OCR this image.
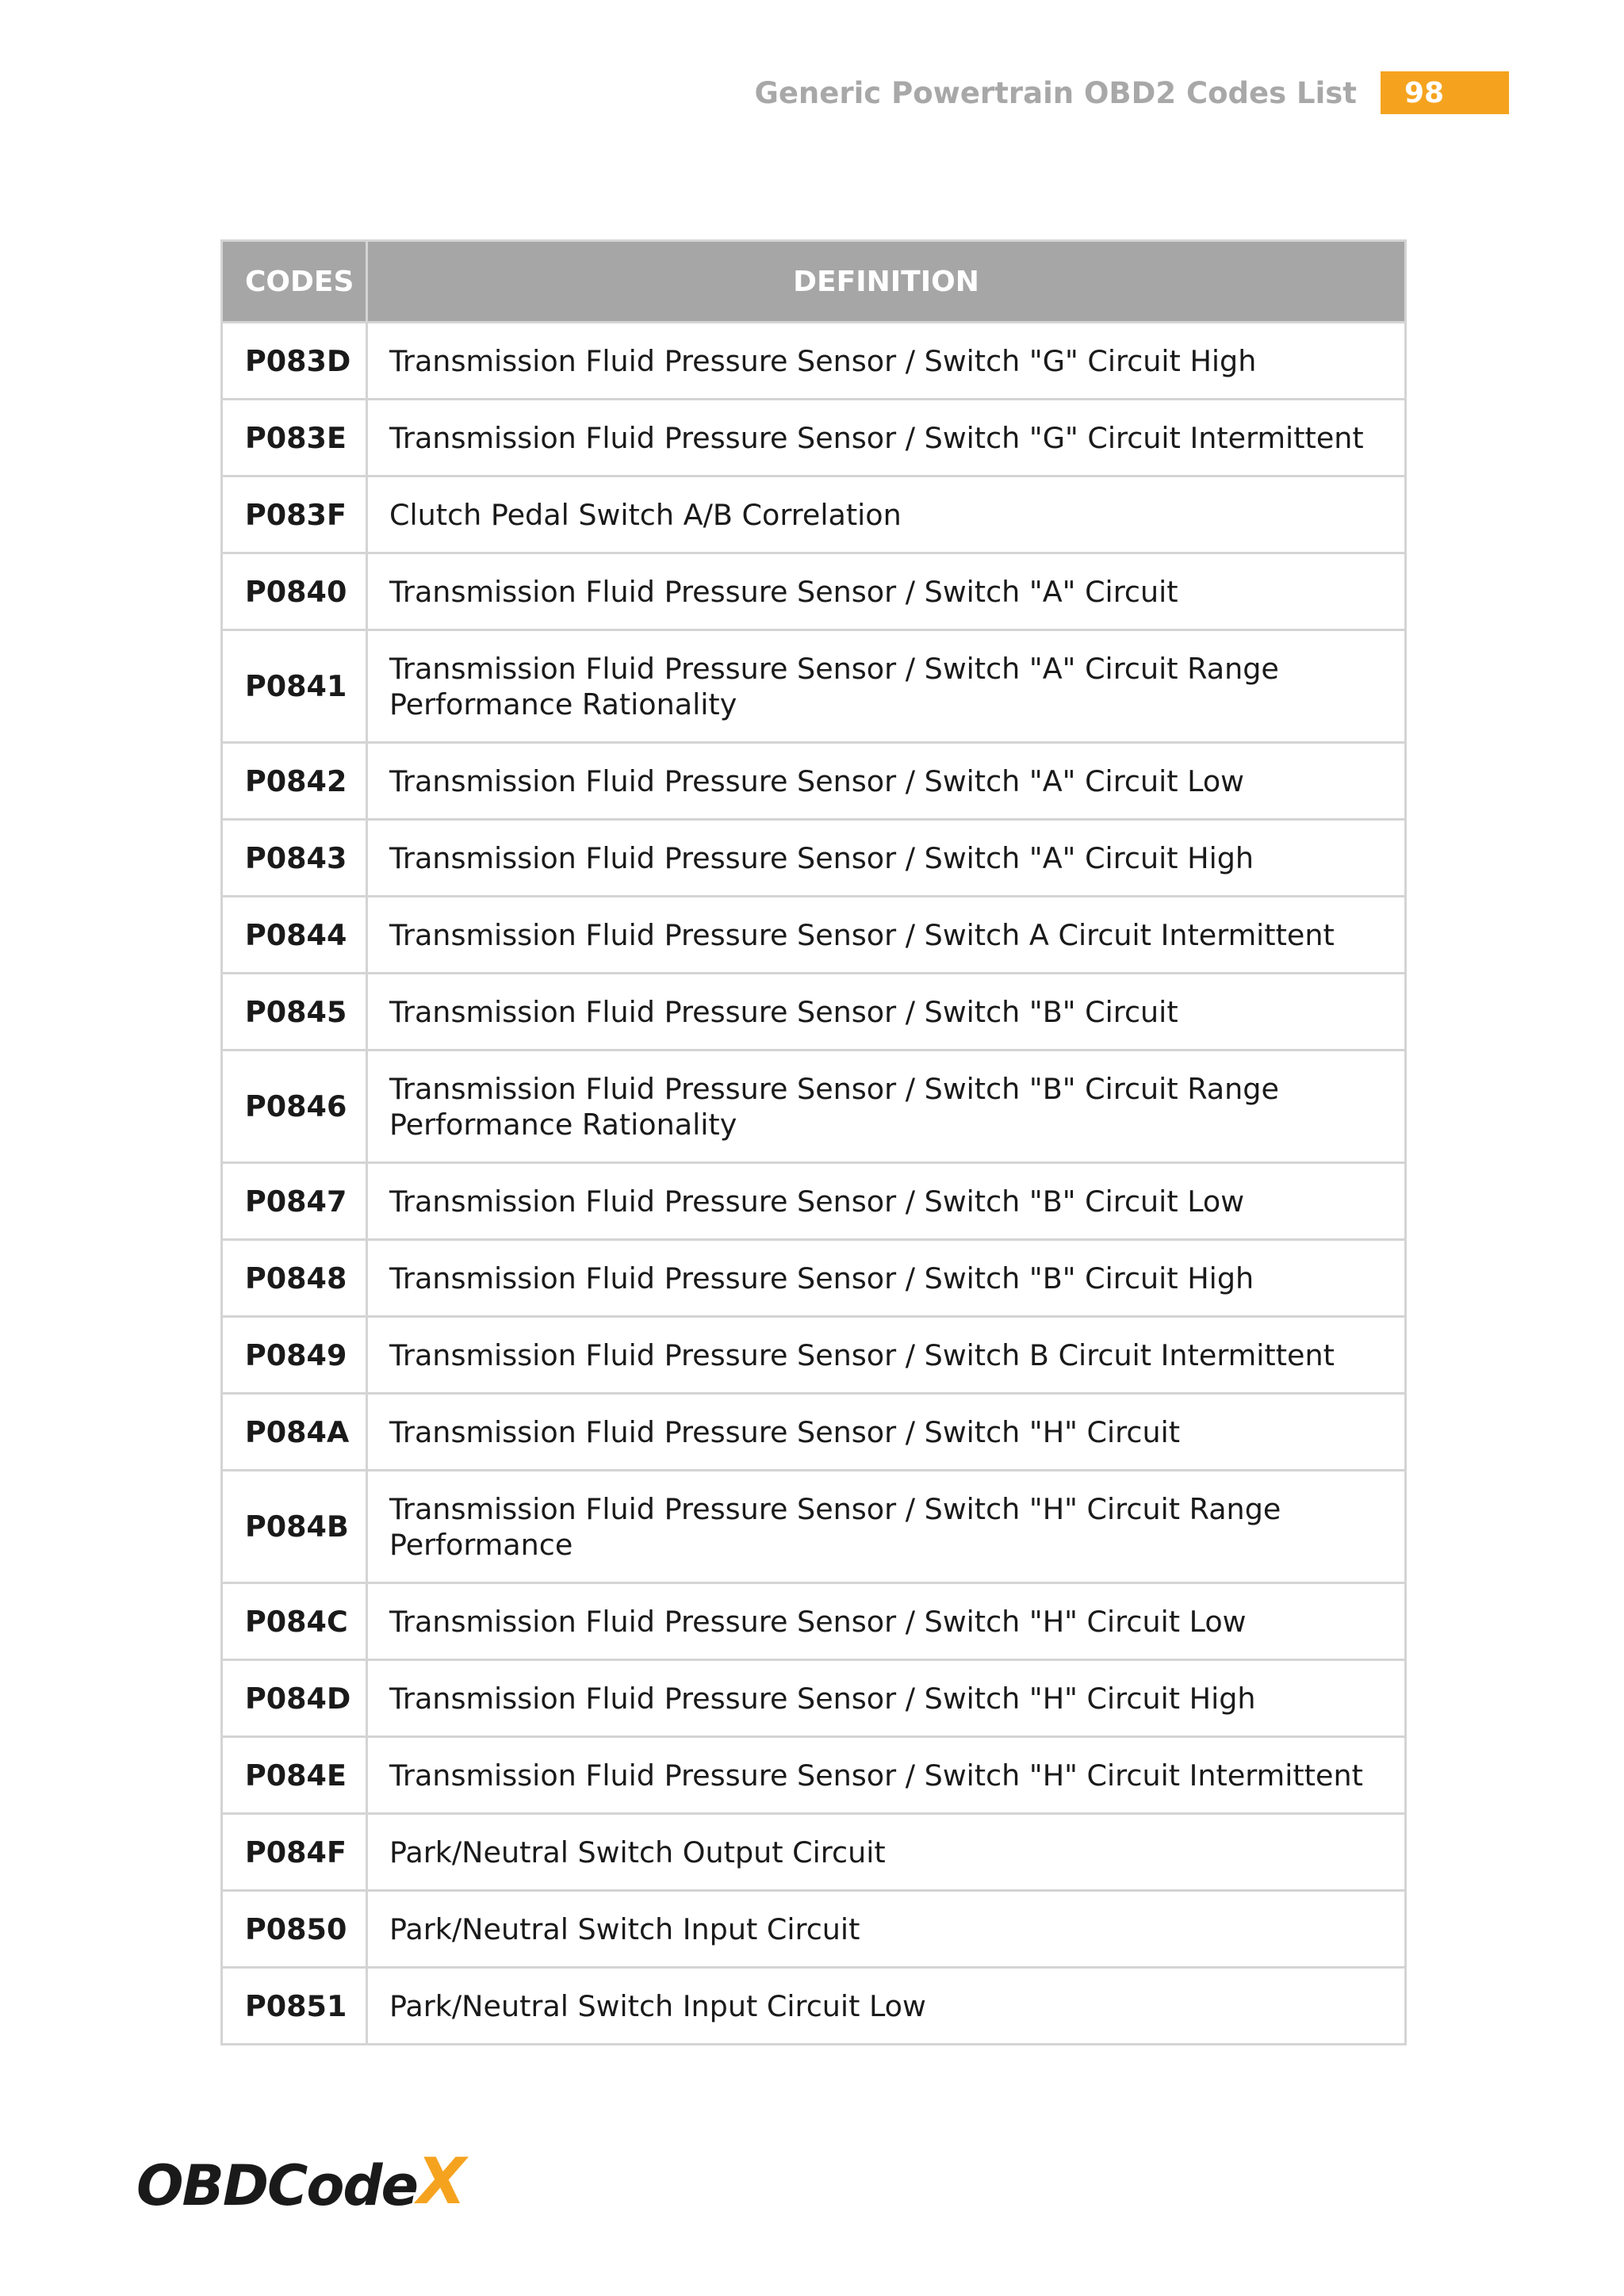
Generic Powertrain OBD2 Codes List	98
CODES	DEFINITION
P083D	Transmission Fluid Pressure Sensor / Switch "G" Circuit High
P083E	Transmission Fluid Pressure Sensor / Switch "G" Circuit Intermittent
P083F	Clutch Pedal Switch A/B Correlation
P0840	Transmission Fluid Pressure Sensor / Switch "A" Circuit
P0841	Transmission Fluid Pressure Sensor / Switch "A" Circuit Range Performance Rationality
P0842	Transmission Fluid Pressure Sensor / Switch "A" Circuit Low
P0843	Transmission Fluid Pressure Sensor / Switch "A" Circuit High
P0844	Transmission Fluid Pressure Sensor / Switch A Circuit Intermittent
P0845	Transmission Fluid Pressure Sensor / Switch "B" Circuit
P0846	Transmission Fluid Pressure Sensor / Switch "B" Circuit Range Performance Rationality
P0847	Transmission Fluid Pressure Sensor / Switch "B" Circuit Low
P0848	Transmission Fluid Pressure Sensor / Switch "B" Circuit High
P0849	Transmission Fluid Pressure Sensor / Switch B Circuit Intermittent
P084A	Transmission Fluid Pressure Sensor / Switch "H" Circuit
P084B	Transmission Fluid Pressure Sensor / Switch "H" Circuit Range Performance
P084C	Transmission Fluid Pressure Sensor / Switch "H" Circuit Low
P084D	Transmission Fluid Pressure Sensor / Switch "H" Circuit High
P084E	Transmission Fluid Pressure Sensor / Switch "H" Circuit Intermittent
P084F	Park/Neutral Switch Output Circuit
P0850	Park/Neutral Switch Input Circuit
P0851	Park/Neutral Switch Input Circuit Low
OBDCode X
